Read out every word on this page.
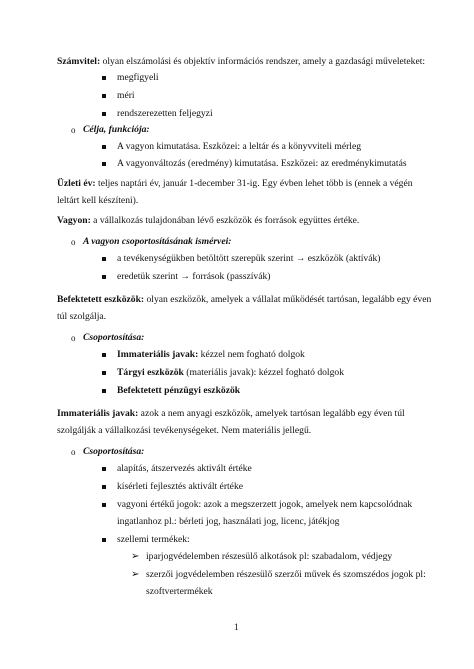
Számvitel: olyan elszámolási és objektív információs rendszer, amely a gazdasági műveleteket:
megfigyeli
méri
rendszerezetten feljegyzi
o Célja, funkciója:
A vagyon kimutatása. Eszközei: a leltár és a könyvviteli mérleg
A vagyonváltozás (eredmény) kimutatása. Eszközei: az eredménykimutatás
Üzleti év: teljes naptári év, január 1-december 31-ig. Egy évben lehet több is (ennek a végén
leltárt kell készíteni).
Vagyon: a vállalkozás tulajdonában lévő eszközök és források együttes értéke.
o A vagyon csoportosításának ismérvei:
a tevékenységükben betöltött szerepük szerint → eszközök (aktívák)
eredetük szerint → források (passzívák)
Befektetett eszközök: olyan eszközök, amelyek a vállalat működését tartósan, legalább egy éven
túl szolgálja.
o Csoportosítása:
Immateriális javak: kézzel nem fogható dolgok
Tárgyi eszközök (materiális javak): kézzel fogható dolgok
Befektetett pénzügyi eszközök
Immateriális javak: azok a nem anyagi eszközök, amelyek tartósan legalább egy éven túl
szolgálják a vállalkozási tevékenységeket. Nem materiális jellegű.
o Csoportosítása:
alapítás, átszervezés aktivált értéke
kísérleti fejlesztés aktivált értéke
vagyoni értékű jogok: azok a megszerzett jogok, amelyek nem kapcsolódnak
ingatlanhoz pl.: bérleti jog, használati jog, licenc, játékjog
szellemi termékek:
➢ iparjogvédelemben részesülő alkotások pl: szabadalom, védjegy
➢ szerzői jogvédelemben részesülő szerzői művek és szomszédos jogok pl:
szoftvertermékek
1
